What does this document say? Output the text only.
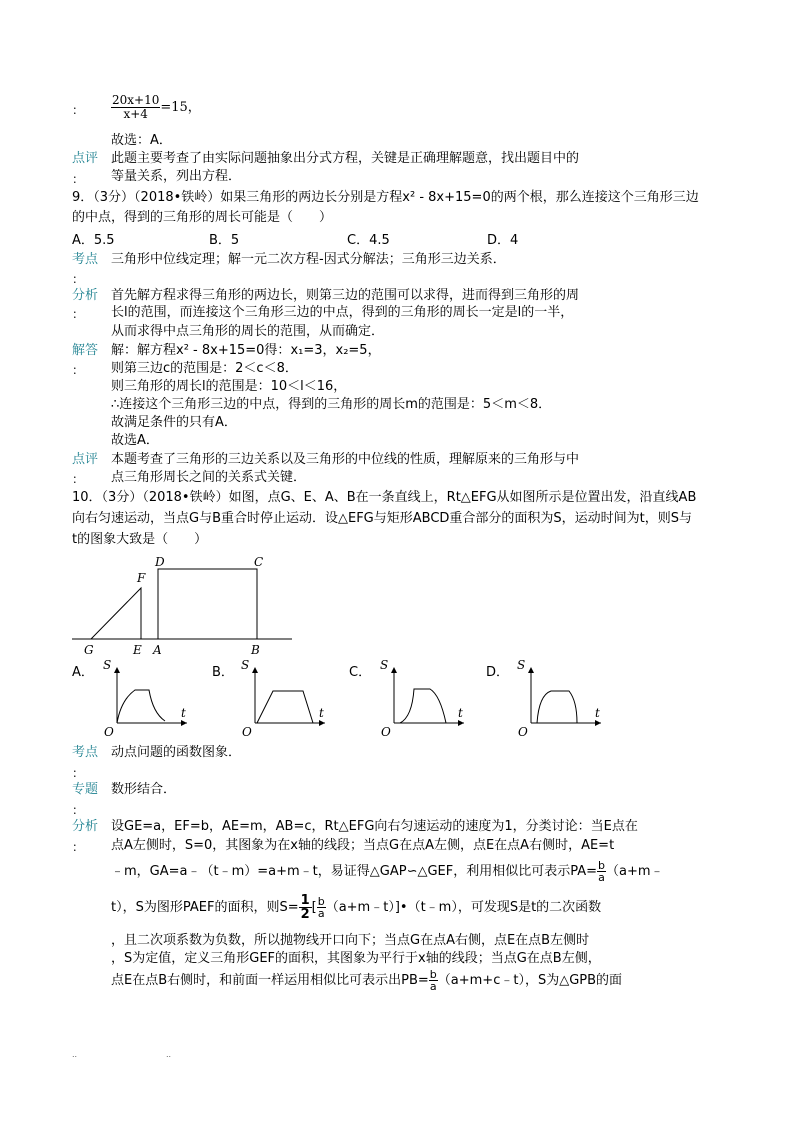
： $\frac{20x+10}{x+4} =15$，
故选：A．
点评 此题主要考查了由实际问题抽象出分式方程，关键是正确理解题意，找出题目中的
： 等量关系，列出方程．
9．（3分）（2018•铁岭）如果三角形的两边长分别是方程x² - 8x+15=0的两个根，那么连接这个三角形三边
的中点，得到的三角形的周长可能是（　　）
A．5.5	B．5	C．4.5	D．4
考点 三角形中位线定理；解一元二次方程-因式分解法；三角形三边关系．
：
分析 首先解方程求得三角形的两边长，则第三边的范围可以求得，进而得到三角形的周
： 长l的范围，而连接这个三角形三边的中点，得到的三角形的周长一定是l的一半，
从而求得中点三角形的周长的范围，从而确定．
解答 解：解方程x² - 8x+15=0得：x₁=3，x₂=5，
： 则第三边c的范围是：2＜c＜8．
则三角形的周长l的范围是：10＜l＜16，
∴连接这个三角形三边的中点，得到的三角形的周长m的范围是：5＜m＜8．
故满足条件的只有A．
故选A．
点评 本题考查了三角形的三边关系以及三角形的中位线的性质，理解原来的三角形与中
： 点三角形周长之间的关系式关键．
10．（3分）（2018•铁岭）如图，点G、E、A、B在一条直线上，Rt△EFG从如图所示是位置出发，沿直线AB
向右匀速运动，当点G与B重合时停止运动．设△EFG与矩形ABCD重合部分的面积为S，运动时间为t，则S与
t的图象大致是（　　）
D	C
F
G	E A	B
A． S
t
O
B． S
t
O
C． S
t
O
D． S
t
O
考点 动点问题的函数图象．
：
专题 数形结合．
：
分析 设GE=a，EF=b，AE=m，AB=c，Rt△EFG向右匀速运动的速度为1，分类讨论：当E点在
： 点A左侧时，S=0，其图象为在x轴的线段；当点G在点A左侧，点E在点A右侧时，AE=t
﹣m，GA=a﹣（t﹣m）=a+m﹣t，易证得△GAP∽△GEF，利用相似比可表示$PA= \frac{b}{a}$ （a+m﹣
t），S为图形PAEF的面积，则$S= \frac{1}{2}$ [ $\frac{b}{a}$ （a+m﹣t）]•（t﹣m），可发现S是t的二次函数
，且二次项系数为负数，所以抛物线开口向下；当点G在点A右侧，点E在点B左侧时
，S为定值，定义三角形GEF的面积，其图象为平行于x轴的线段；当点G在点B左侧，
点E在点B右侧时，和前面一样运用相似比可表示出$PB= \frac{b}{a}$ （a+m+c﹣t），S为△GPB的面
..	..
